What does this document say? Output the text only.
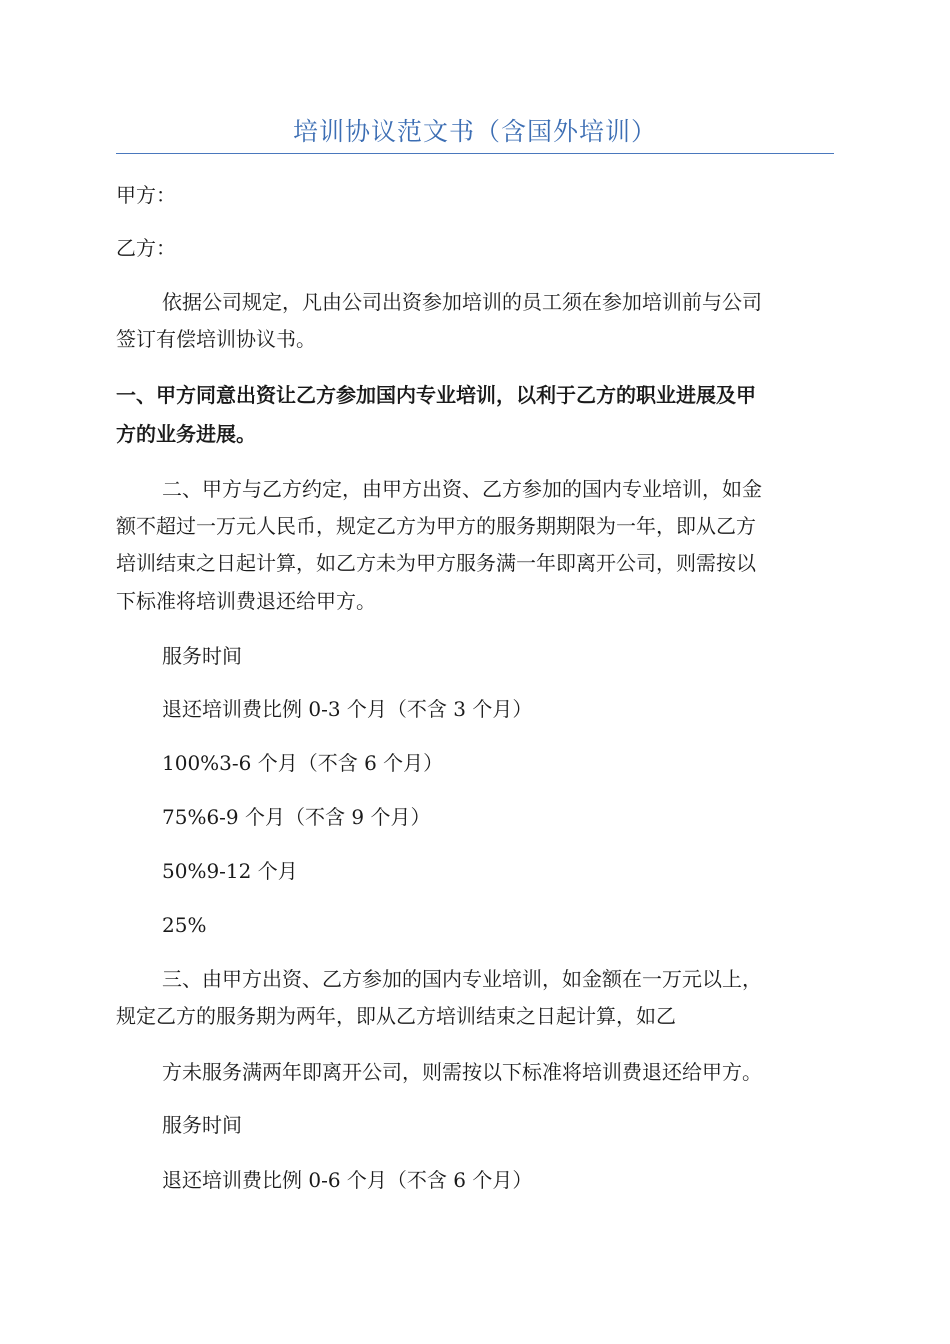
培训协议范文书（含国外培训）

甲方：

乙方：

依据公司规定，凡由公司出资参加培训的员工须在参加培训前与公司

签订有偿培训协议书。

一、甲方同意出资让乙方参加国内专业培训，以利于乙方的职业进展及甲

方的业务进展。

二、甲方与乙方约定，由甲方出资、乙方参加的国内专业培训，如金

额不超过一万元人民币，规定乙方为甲方的服务期期限为一年，即从乙方

培训结束之日起计算，如乙方未为甲方服务满一年即离开公司，则需按以

下标准将培训费退还给甲方。

服务时间

退还培训费比例 0-3 个月（不含 3 个月）

100%3-6 个月（不含 6 个月）

75%6-9 个月（不含 9 个月）

50%9-12 个月

25%

三、由甲方出资、乙方参加的国内专业培训，如金额在一万元以上，

规定乙方的服务期为两年，即从乙方培训结束之日起计算，如乙

方未服务满两年即离开公司，则需按以下标准将培训费退还给甲方。

服务时间

退还培训费比例 0-6 个月（不含 6 个月）
